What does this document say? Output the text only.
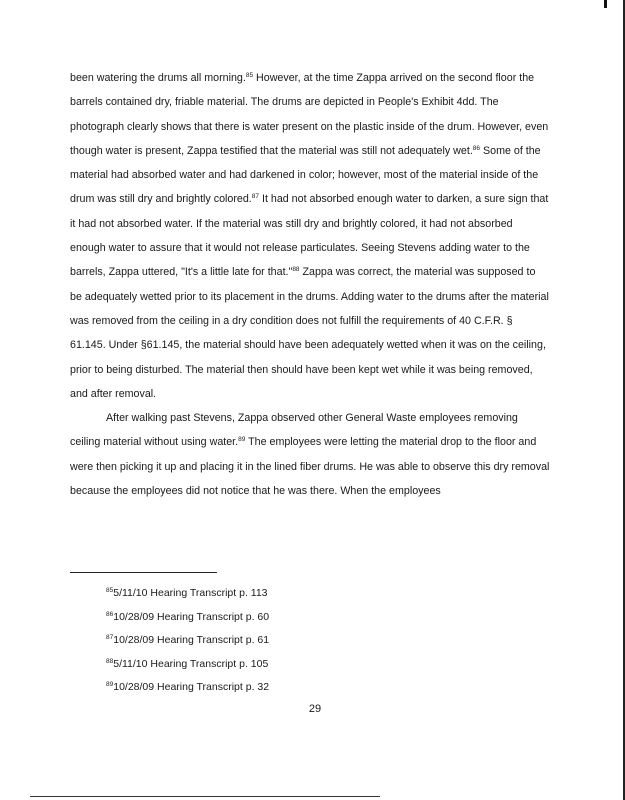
been watering the drums all morning.$^{85}$ However, at the time Zappa arrived on the second floor the barrels contained dry, friable material. The drums are depicted in People's Exhibit 4dd. The photograph clearly shows that there is water present on the plastic inside of the drum. However, even though water is present, Zappa testified that the material was still not adequately wet.$^{86}$ Some of the material had absorbed water and had darkened in color; however, most of the material inside of the drum was still dry and brightly colored.$^{87}$ It had not absorbed enough water to darken, a sure sign that it had not absorbed water. If the material was still dry and brightly colored, it had not absorbed enough water to assure that it would not release particulates. Seeing Stevens adding water to the barrels, Zappa uttered, "It's a little late for that."$^{88}$ Zappa was correct, the material was supposed to be adequately wetted prior to its placement in the drums. Adding water to the drums after the material was removed from the ceiling in a dry condition does not fulfill the requirements of 40 C.F.R. § 61.145. Under §61.145, the material should have been adequately wetted when it was on the ceiling, prior to being disturbed. The material then should have been kept wet while it was being removed, and after removal.

After walking past Stevens, Zappa observed other General Waste employees removing ceiling material without using water.$^{89}$ The employees were letting the material drop to the floor and were then picking it up and placing it in the lined fiber drums. He was able to observe this dry removal because the employees did not notice that he was there. When the employees

$^{85}$5/11/10 Hearing Transcript p. 113
$^{86}$10/28/09 Hearing Transcript p. 60
$^{87}$10/28/09 Hearing Transcript p. 61
$^{88}$5/11/10 Hearing Transcript p. 105
$^{89}$10/28/09 Hearing Transcript p. 32
29
